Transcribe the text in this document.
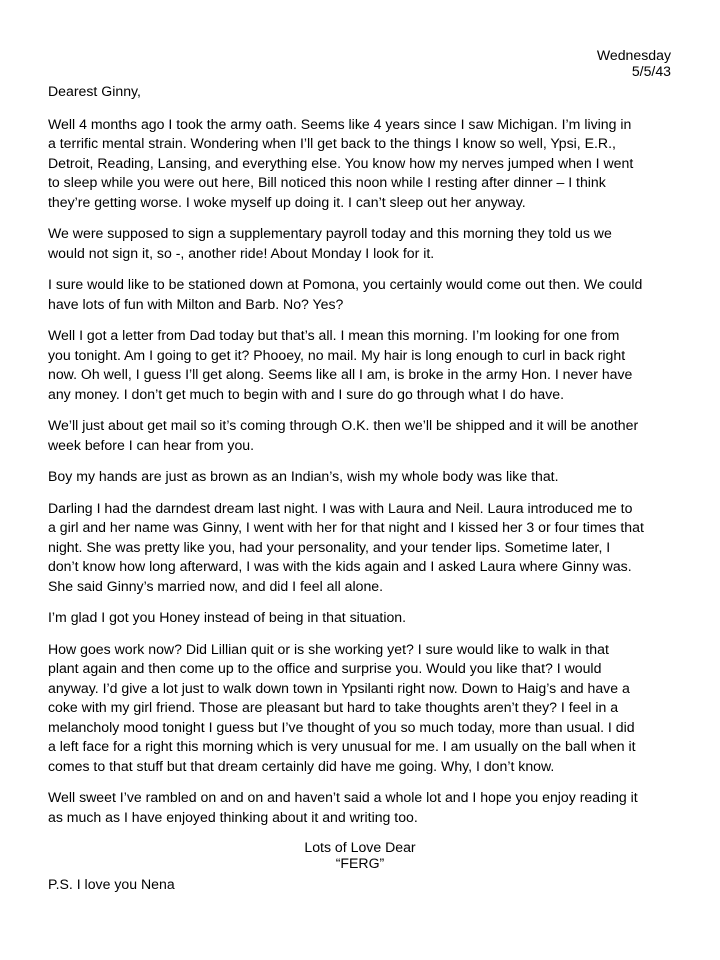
Wednesday
5/5/43
Dearest Ginny,
Well 4 months ago I took the army oath. Seems like 4 years since I saw Michigan. I’m living in
a terrific mental strain. Wondering when I’ll get back to the things I know so well, Ypsi, E.R.,
Detroit, Reading, Lansing, and everything else. You know how my nerves jumped when I went
to sleep while you were out here, Bill noticed this noon while I resting after dinner – I think
they’re getting worse. I woke myself up doing it. I can’t sleep out her anyway.
We were supposed to sign a supplementary payroll today and this morning they told us we
would not sign it, so -, another ride! About Monday I look for it.
I sure would like to be stationed down at Pomona, you certainly would come out then. We could
have lots of fun with Milton and Barb. No? Yes?
Well I got a letter from Dad today but that’s all. I mean this morning. I’m looking for one from
you tonight. Am I going to get it? Phooey, no mail. My hair is long enough to curl in back right
now. Oh well, I guess I’ll get along. Seems like all I am, is broke in the army Hon. I never have
any money. I don’t get much to begin with and I sure do go through what I do have.
We’ll just about get mail so it’s coming through O.K. then we’ll be shipped and it will be another
week before I can hear from you.
Boy my hands are just as brown as an Indian’s, wish my whole body was like that.
Darling I had the darndest dream last night. I was with Laura and Neil. Laura introduced me to
a girl and her name was Ginny, I went with her for that night and I kissed her 3 or four times that
night. She was pretty like you, had your personality, and your tender lips. Sometime later, I
don’t know how long afterward, I was with the kids again and I asked Laura where Ginny was.
She said Ginny’s married now, and did I feel all alone.
I’m glad I got you Honey instead of being in that situation.
How goes work now? Did Lillian quit or is she working yet? I sure would like to walk in that
plant again and then come up to the office and surprise you. Would you like that? I would
anyway. I’d give a lot just to walk down town in Ypsilanti right now. Down to Haig’s and have a
coke with my girl friend. Those are pleasant but hard to take thoughts aren’t they? I feel in a
melancholy mood tonight I guess but I’ve thought of you so much today, more than usual. I did
a left face for a right this morning which is very unusual for me. I am usually on the ball when it
comes to that stuff but that dream certainly did have me going. Why, I don’t know.
Well sweet I’ve rambled on and on and haven’t said a whole lot and I hope you enjoy reading it
as much as I have enjoyed thinking about it and writing too.
Lots of Love Dear
“FERG”
P.S. I love you Nena
